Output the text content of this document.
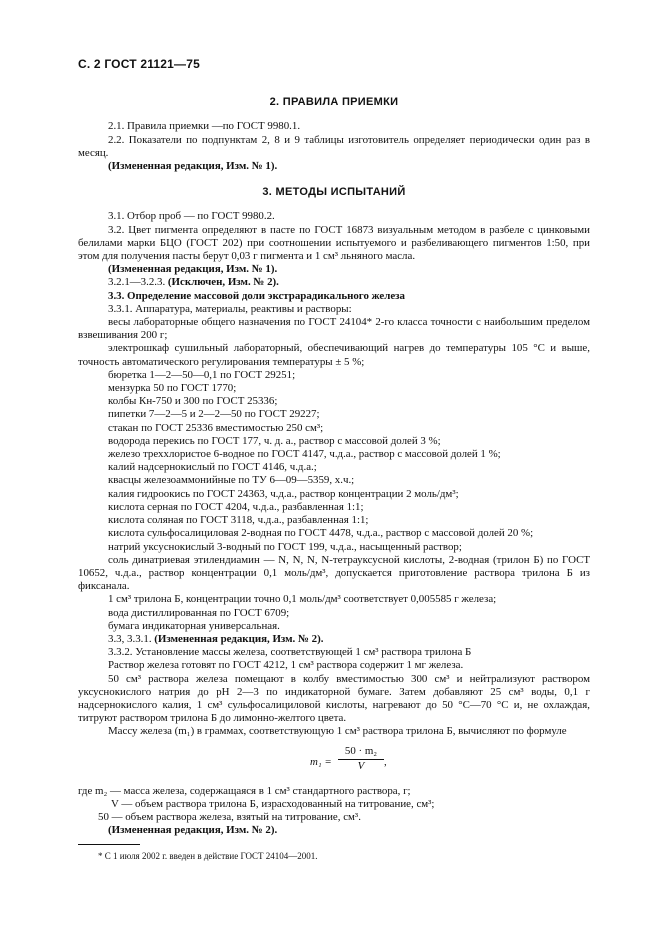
С. 2 ГОСТ 21121—75
2. ПРАВИЛА ПРИЕМКИ

2.1. Правила приемки —по ГОСТ 9980.1.

2.2. Показатели по подпунктам 2, 8 и 9 таблицы изготовитель определяет периодически один раз в месяц.

(Измененная редакция, Изм. № 1).

3. МЕТОДЫ ИСПЫТАНИЙ

3.1. Отбор проб — по ГОСТ 9980.2.

3.2. Цвет пигмента определяют в пасте по ГОСТ 16873 визуальным методом в разбеле с цинковыми белилами марки БЦО (ГОСТ 202) при соотношении испытуемого и разбеливающего пигментов 1:50, при этом для получения пасты берут 0,03 г пигмента и 1 см³ льняного масла.

(Измененная редакция, Изм. № 1).

3.2.1—3.2.3. (Исключен, Изм. № 2).

3.3. Определение массовой доли экстрарадикального железа

3.3.1. Аппаратура, материалы, реактивы и растворы:

весы лабораторные общего назначения по ГОСТ 24104* 2-го класса точности с наибольшим пределом взвешивания 200 г;

электрошкаф сушильный лабораторный, обеспечивающий нагрев до температуры 105 °С и выше, точность автоматического регулирования температуры ± 5 %;

бюретка 1—2—50—0,1 по ГОСТ 29251;

мензурка 50 по ГОСТ 1770;

колбы Кн-750 и 300 по ГОСТ 25336;

пипетки 7—2—5 и 2—2—50 по ГОСТ 29227;

стакан по ГОСТ 25336 вместимостью 250 см³;

водорода перекись по ГОСТ 177, ч. д. а., раствор с массовой долей 3 %;

железо треххлористое 6-водное по ГОСТ 4147, ч.д.а., раствор с массовой долей 1 %;

калий надсернокислый по ГОСТ 4146, ч.д.а.;

квасцы железоаммонийные по ТУ 6—09—5359, х.ч.;

калия гидроокись по ГОСТ 24363, ч.д.а., раствор концентрации 2 моль/дм³;

кислота серная по ГОСТ 4204, ч.д.а., разбавленная 1:1;

кислота соляная по ГОСТ 3118, ч.д.а., разбавленная 1:1;

кислота сульфосалициловая 2-водная по ГОСТ 4478, ч.д.а., раствор с массовой долей 20 %;

натрий уксуснокислый 3-водный по ГОСТ 199, ч.д.а., насыщенный раствор;

соль динатриевая этилендиамин — N, N, N, N-тетрауксусной кислоты, 2-водная (трилон Б) по ГОСТ 10652, ч.д.а., раствор концентрации 0,1 моль/дм³, допускается приготовление раствора трилона Б из фиксанала.

1 см³ трилона Б, концентрации точно 0,1 моль/дм³ соответствует 0,005585 г железа;

вода дистиллированная по ГОСТ 6709;

бумага индикаторная универсальная.

3.3, 3.3.1. (Измененная редакция, Изм. № 2).

3.3.2. Установление массы железа, соответствующей 1 см³ раствора трилона Б

Раствор железа готовят по ГОСТ 4212, 1 см³ раствора содержит 1 мг железа.

50 см³ раствора железа помещают в колбу вместимостью 300 см³ и нейтрализуют раствором уксуснокислого натрия до рН 2—3 по индикаторной бумаге. Затем добавляют 25 см³ воды, 0,1 г надсернокислого калия, 1 см³ сульфосалициловой кислоты, нагревают до 50 °С—70 °С и, не охлаждая, титруют раствором трилона Б до лимонно-желтого цвета.

Массу железа (m₁) в граммах, соответствующую 1 см³ раствора трилона Б, вычисляют по формуле

$m_1 = \frac{\text{50 · m₂}}{V}$ ,

где m₂ — масса железа, содержащаяся в 1 см³ стандартного раствора, г;

V — объем раствора трилона Б, израсходованный на титрование, см³;

50 — объем раствора железа, взятый на титрование, см³.

(Измененная редакция, Изм. № 2).

* С 1 июля 2002 г. введен в действие ГОСТ 24104—2001.
